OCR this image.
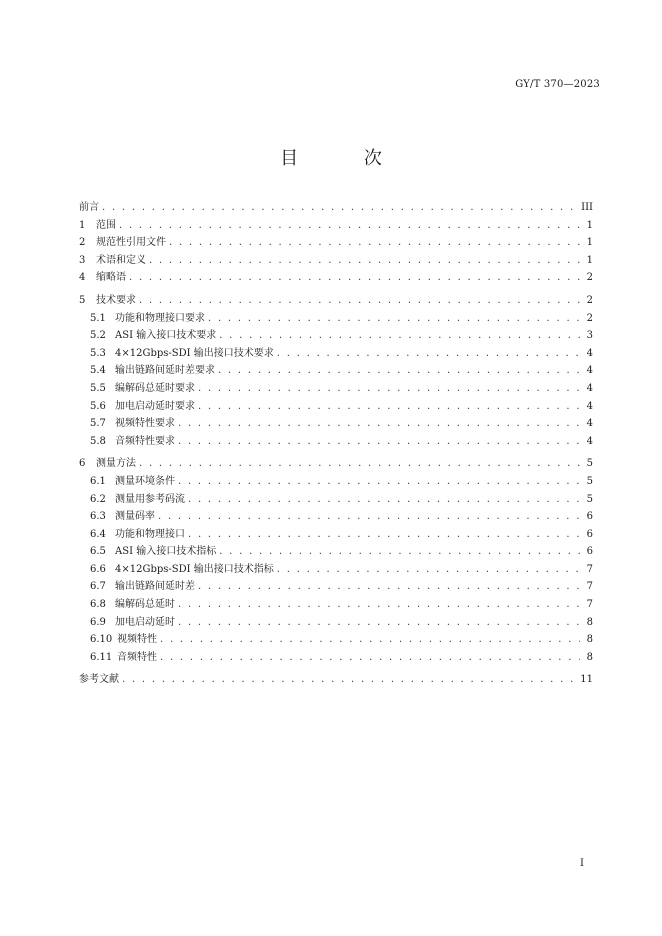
GY/T 370—2023
目 次
前言 . . .	III
1	范围 . . .	1
2	规范性引用文件 . . .	1
3	术语和定义 . . .	1
4	缩略语 . . .	2
5	技术要求 . . .	2
5.1 功能和物理接口要求 . . .	2
5.2 ASI 输入接口技术要求 . . .	3
5.3 4×12Gbps-SDI 输出接口技术要求 . . .	4
5.4 输出链路间延时差要求 . . .	4
5.5 编解码总延时要求 . . .	4
5.6 加电启动延时要求 . . .	4
5.7 视频特性要求 . . .	4
5.8 音频特性要求 . . .	4
6	测量方法 . . .	5
6.1 测量环境条件 . . .	5
6.2 测量用参考码流 . . .	5
6.3 测量码率 . . .	6
6.4 功能和物理接口 . . .	6
6.5 ASI 输入接口技术指标 . . .	6
6.6 4×12Gbps-SDI 输出接口技术指标 . . .	7
6.7 输出链路间延时差 . . .	7
6.8 编解码总延时 . . .	7
6.9 加电启动延时 . . .	8
6.10 视频特性 . . .	8
6.11 音频特性 . . .	8
参考文献 . . .	11
I
